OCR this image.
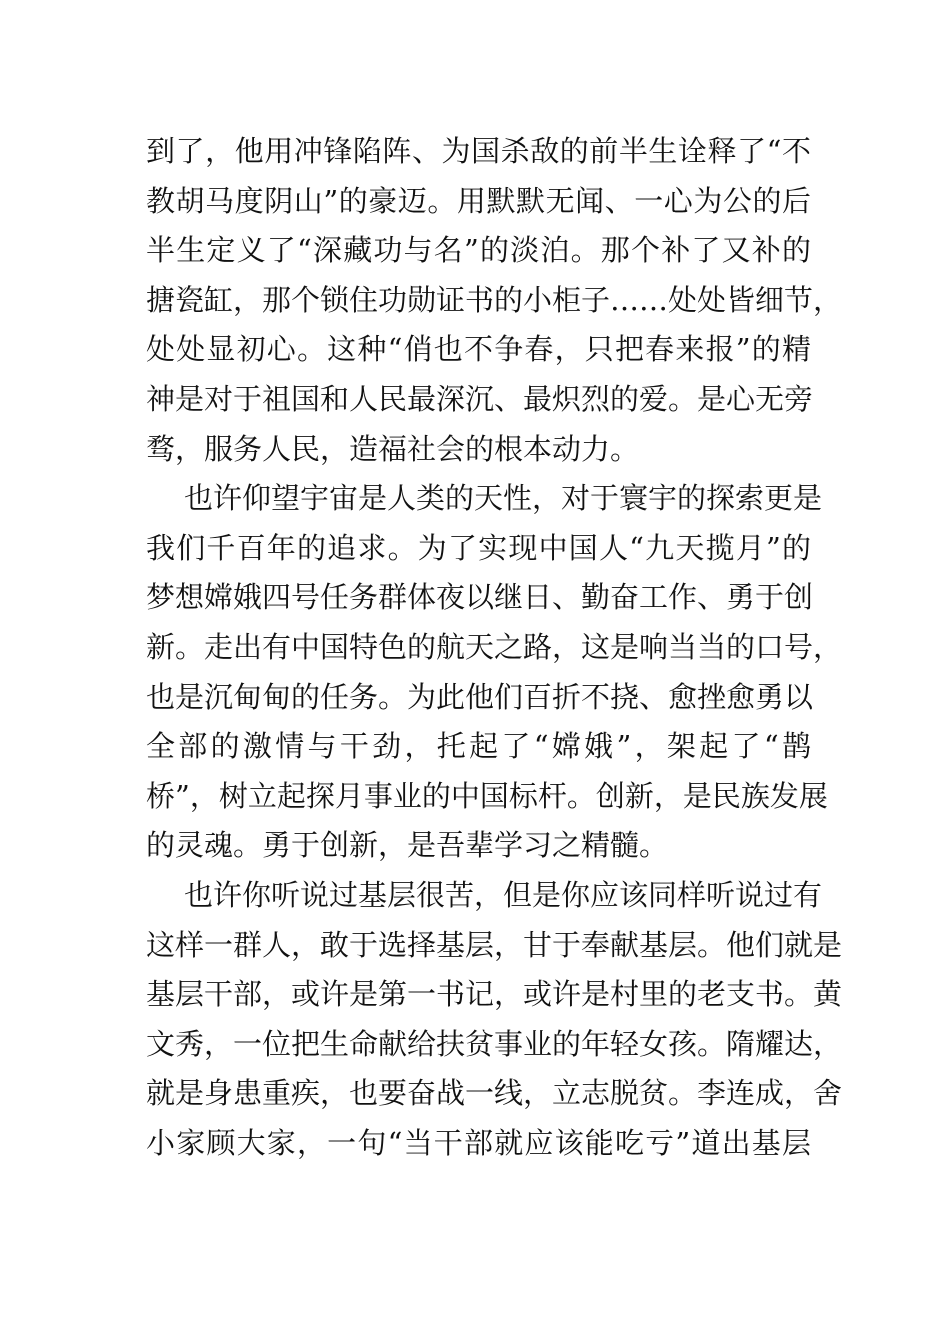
到了，他用冲锋陷阵、为国杀敌的前半生诠释了“不
教胡马度阴山”的豪迈。用默默无闻、一心为公的后
半生定义了“深藏功与名”的淡泊。那个补了又补的
搪瓷缸，那个锁住功勋证书的小柜子……处处皆细节，
处处显初心。这种“俏也不争春，只把春来报”的精
神是对于祖国和人民最深沉、最炽烈的爱。是心无旁
骛，服务人民，造福社会的根本动力。
也许仰望宇宙是人类的天性，对于寰宇的探索更是
我们千百年的追求。为了实现中国人“九天揽月”的
梦想嫦娥四号任务群体夜以继日、勤奋工作、勇于创
新。走出有中国特色的航天之路，这是响当当的口号，
也是沉甸甸的任务。为此他们百折不挠、愈挫愈勇以
全部的激情与干劲，托起了“嫦娥”，架起了“鹊
桥”，树立起探月事业的中国标杆。创新，是民族发展
的灵魂。勇于创新，是吾辈学习之精髓。
也许你听说过基层很苦，但是你应该同样听说过有
这样一群人，敢于选择基层，甘于奉献基层。他们就是
基层干部，或许是第一书记，或许是村里的老支书。黄
文秀，一位把生命献给扶贫事业的年轻女孩。隋耀达，
就是身患重疾，也要奋战一线，立志脱贫。李连成，舍
小家顾大家，一句“当干部就应该能吃亏”道出基层
